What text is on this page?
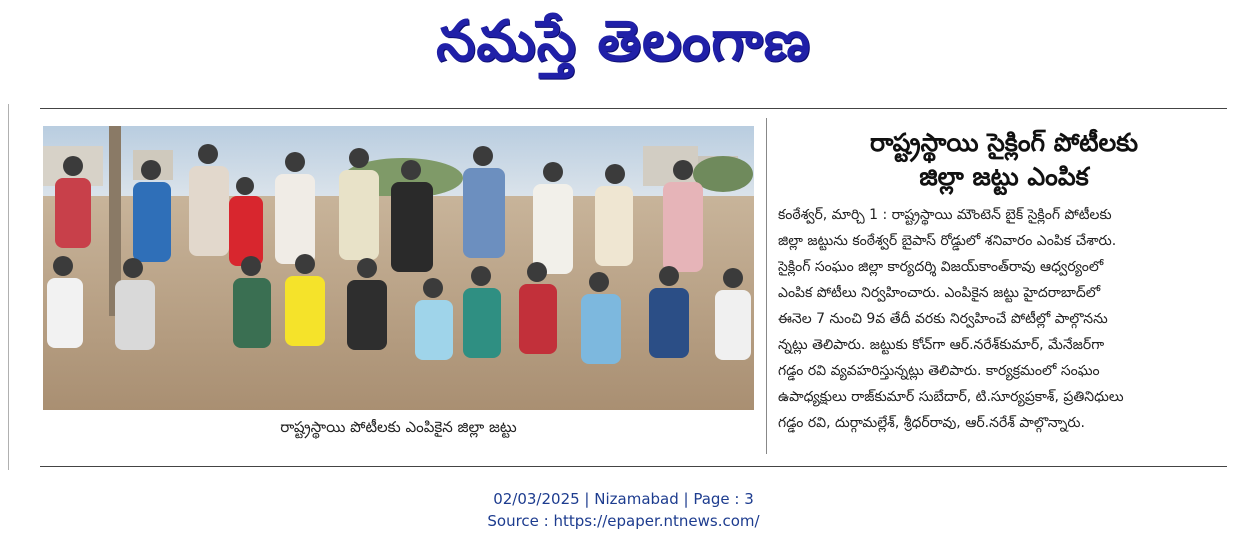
నమస్తే తెలంగాణ
రాష్ట్రస్థాయి పోటీలకు ఎంపికైన జిల్లా జట్టు
రాష్ట్రస్థాయి సైక్లింగ్ పోటీలకు
జిల్లా జట్టు ఎంపిక
కంఠేశ్వర్, మార్చి 1 : రాష్ట్రస్థాయి మౌంటెన్ బైక్ సైక్లింగ్ పోటీలకు
జిల్లా జట్టును కంఠేశ్వర్ బైపాస్ రోడ్డులో శనివారం ఎంపిక చేశారు.
సైక్లింగ్ సంఘం జిల్లా కార్యదర్శి విజయ్‌కాంత్‌రావు ఆధ్వర్యంలో
ఎంపిక పోటీలు నిర్వహించారు. ఎంపికైన జట్టు హైదరాబాద్‌లో
ఈనెల 7 నుంచి 9వ తేదీ వరకు నిర్వహించే పోటీల్లో పాల్గొనను
న్నట్లు తెలిపారు. జట్టుకు కోచ్‌గా ఆర్.నరేశ్‌కుమార్, మేనేజర్‌గా
గడ్డం రవి వ్యవహరిస్తున్నట్లు తెలిపారు. కార్యక్రమంలో సంఘం
ఉపాధ్యక్షులు రాజ్‌కుమార్ సుబేదార్, టి.సూర్యప్రకాశ్, ప్రతినిధులు
గడ్డం రవి, దుర్గామల్లేశ్, శ్రీధర్‌రావు, ఆర్.నరేశ్ పాల్గొన్నారు.
02/03/2025 | Nizamabad | Page : 3
Source : https://epaper.ntnews.com/
